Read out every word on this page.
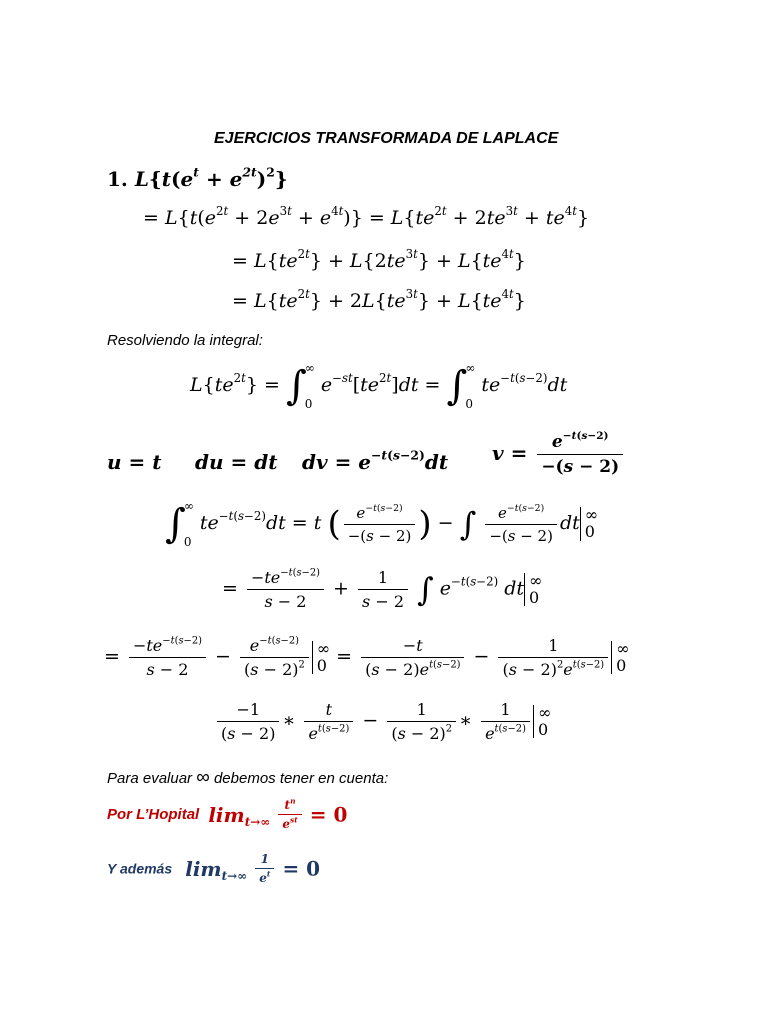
EJERCICIOS TRANSFORMADA DE LAPLACE
1. $L\{t(e^t + e^{2t})^2\}$
= $L\{t(e^{2t} + 2e^{3t} + e^{4t})\} = L\{te^{2t} + 2te^{3t} + te^{4t}\}$
= $L\{te^{2t}\} + L\{2te^{3t}\} + L\{te^{4t}\}$
= $L\{te^{2t}\} + 2L\{te^{3t}\} + L\{te^{4t}\}$
Resolviendo la integral:
$L\{te^{2t}\}$ = ∫
∞
0
$e^{-st}[te^{2t}]dt$ = ∫
∞
0
$te^{-t(s-2)}dt$
u = t du = dt dv = $e^{-t(s-2)}dt$ $v = \frac{e^{-t(s-2)}}{-(s - 2)}$
∫
∞
0
$te^{-t(s-2)}dt = t$ ( $\frac{e^{-t(s-2)}}{-(s - 2)}$ ) − ∫ $\frac{e^{-t(s-2)}}{-(s - 2)}$ dt ∞
0
= $\frac{-te^{-t(s-2)}}{s - 2} + \frac{1}{s - 2}$ ∫ $e^{-t(s-2)}$ dt ∞
0
= $\frac{-te^{-t(s-2)}}{s - 2} - \frac{e^{-t(s-2)}}{(s - 2)^2}$ ∞
$0 = \frac{-t}{(s - 2)e^{t(s-2)}} - \frac{1}{(s - 2)^2e^{t(s-2)}}$ ∞
0
$\frac{-1}{(s - 2)}$ ∗ $\frac{t}{e^{t(s-2)}} - \frac{1}{(s - 2)^2}$ ∗ $\frac{1}{e^{t(s-2)}}$ ∞
0
Para evaluar ∞ debemos tener en cuenta:
Por L’Hopital $\lim_{t\to\infty} \frac{t^n}{e^{st}} = 0$
Y además $\lim_{t\to\infty} \frac{1}{e^t} = 0$
